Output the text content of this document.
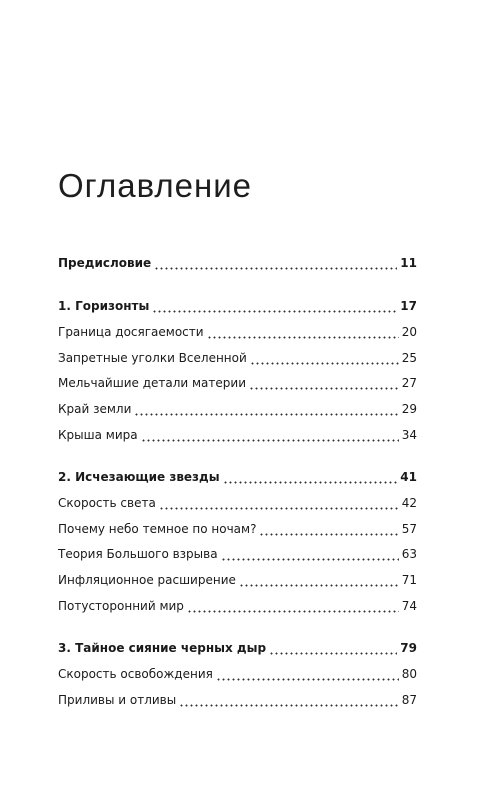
Оглавление
Предисловие	11
1. Горизонты	17
Граница досягаемости	20
Запретные уголки Вселенной	25
Мельчайшие детали материи	27
Край земли	29
Крыша мира	34
2. Исчезающие звезды	41
Скорость света	42
Почему небо темное по ночам?	57
Теория Большого взрыва	63
Инфляционное расширение	71
Потусторонний мир	74
3. Тайное сияние черных дыр	79
Скорость освобождения	80
Приливы и отливы	87
